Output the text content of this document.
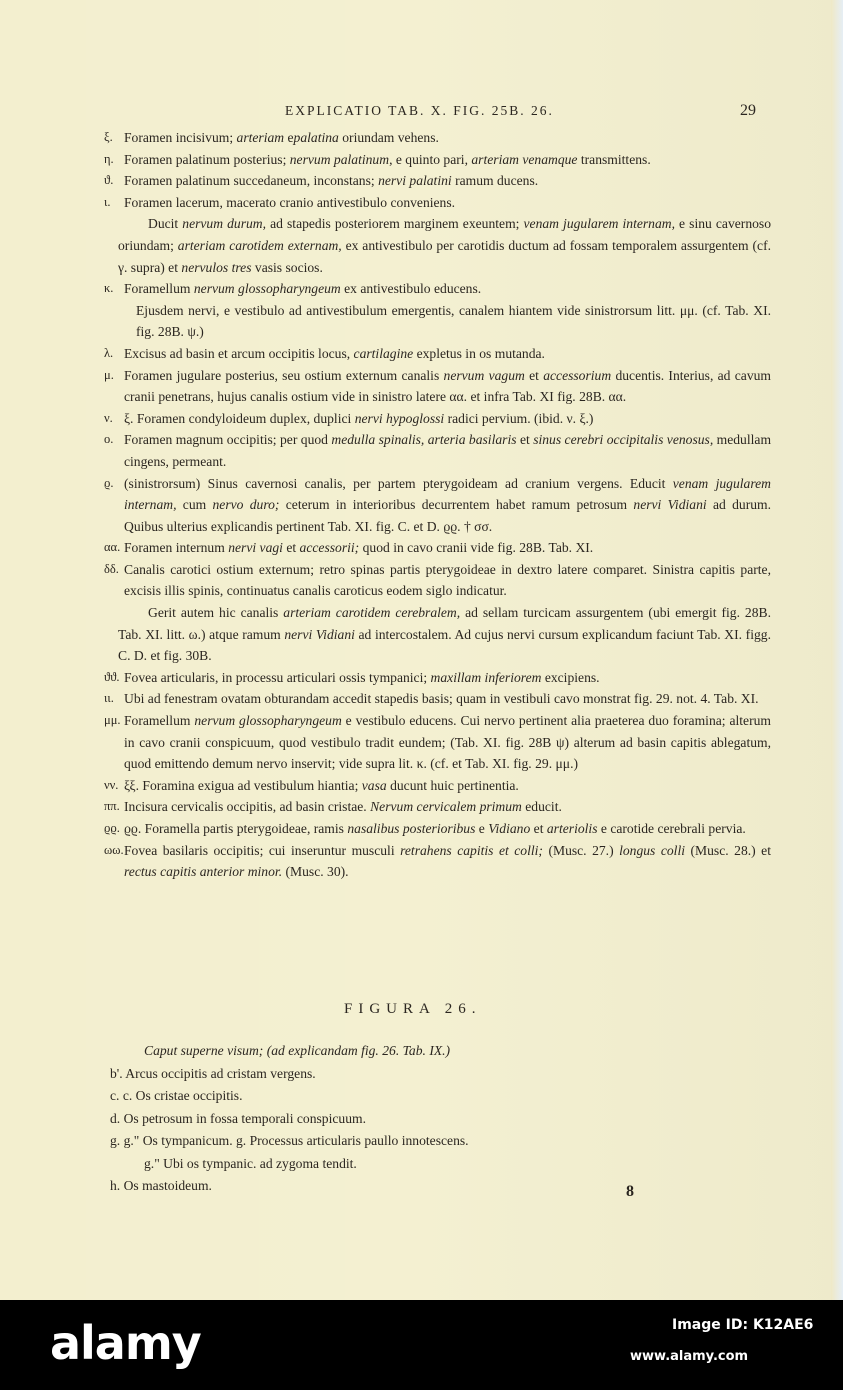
EXPLICATIO TAB. X. FIG. 25B. 26.	29
ξ. Foramen incisivum; arteriam epalatina oriundam vehens.
η. Foramen palatinum posterius; nervum palatinum, e quinto pari, arteriam venamque transmittens.
ϑ. Foramen palatinum succedaneum, inconstans; nervi palatini ramum ducens.
ι. Foramen lacerum, macerato cranio antivestibulo conveniens.
Ducit nervum durum, ad stapedis posteriorem marginem exeuntem; venam jugularem internam, e sinu cavernoso oriundam; arteriam carotidem externam, ex antivestibulo per carotidis ductum ad fossam temporalem assurgentem (cf. γ. supra) et nervulos tres vasis socios.
κ. Foramellum nervum glossopharyngeum ex antivestibulo educens.
Ejusdem nervi, e vestibulo ad antivestibulum emergentis, canalem hiantem vide sinistrorsum litt. μμ. (cf. Tab. XI. fig. 28B. ψ.)
λ. Excisus ad basin et arcum occipitis locus, cartilagine expletus in os mutanda.
μ. Foramen jugulare posterius, seu ostium externum canalis nervum vagum et accessorium ducentis. Interius, ad cavum cranii penetrans, hujus canalis ostium vide in sinistro latere αα. et infra Tab. XI fig. 28B. αα.
ν. ξ. Foramen condyloideum duplex, duplici nervi hypoglossi radici pervium. (ibid. ν. ξ.)
ο. Foramen magnum occipitis; per quod medulla spinalis, arteria basilaris et sinus cerebri occipitalis venosus, medullam cingens, permeant.
ϱ. (sinistrorsum) Sinus cavernosi canalis, per partem pterygoideam ad cranium vergens. Educit venam jugularem internam, cum nervo duro; ceterum in interioribus decurrentem habet ramum petrosum nervi Vidiani ad durum. Quibus ulterius explicandis pertinent Tab. XI. fig. C. et D. ϱϱ. † σσ.
αα. Foramen internum nervi vagi et accessorii; quod in cavo cranii vide fig. 28B. Tab. XI.
δδ. Canalis carotici ostium externum; retro spinas partis pterygoideae in dextro latere comparet. Sinistra capitis parte, excisis illis spinis, continuatus canalis caroticus eodem siglo indicatur.
Gerit autem hic canalis arteriam carotidem cerebralem, ad sellam turcicam assurgentem (ubi emergit fig. 28B. Tab. XI. litt. ω.) atque ramum nervi Vidiani ad intercostalem. Ad cujus nervi cursum explicandum faciunt Tab. XI. figg. C. D. et fig. 30B.
ϑϑ. Fovea articularis, in processu articulari ossis tympanici; maxillam inferiorem excipiens.
ιι. Ubi ad fenestram ovatam obturandam accedit stapedis basis; quam in vestibuli cavo monstrat fig. 29. not. 4. Tab. XI.
μμ. Foramellum nervum glossopharyngeum e vestibulo educens. Cui nervo pertinent alia praeterea duo foramina; alterum in cavo cranii conspicuum, quod vestibulo tradit eundem; (Tab. XI. fig. 28B ψ) alterum ad basin capitis ablegatum, quod emittendo demum nervo inservit; vide supra lit. κ. (cf. et Tab. XI. fig. 29. μμ.)
νν. ξξ. Foramina exigua ad vestibulum hiantia; vasa ducunt huic pertinentia.
ππ. Incisura cervicalis occipitis, ad basin cristae. Nervum cervicalem primum educit.
ϱϱ. ϱϱ. Foramella partis pterygoideae, ramis nasalibus posterioribus e Vidiano et arteriolis e carotide cerebrali pervia.
ωω. Fovea basilaris occipitis; cui inseruntur musculi retrahens capitis et colli; (Musc. 27.) longus colli (Musc. 28.) et rectus capitis anterior minor. (Musc. 30).
FIGURA 26.
Caput superne visum; (ad explicandam fig. 26. Tab. IX.)
b'. Arcus occipitis ad cristam vergens.
c. c. Os cristae occipitis.
d. Os petrosum in fossa temporali conspicuum.
g. g." Os tympanicum. g. Processus articularis paullo innotescens.
g." Ubi os tympanic. ad zygoma tendit.
h. Os mastoideum.	8
alamy	Image ID: K12AE6
www.alamy.com
